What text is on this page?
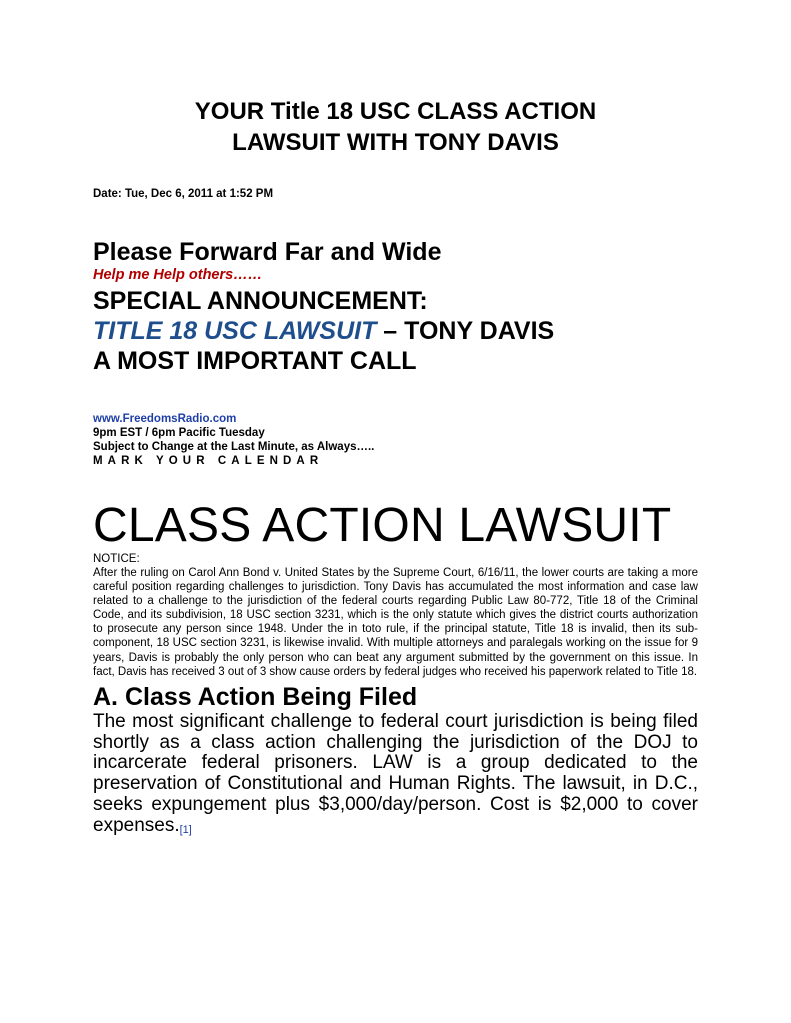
YOUR Title 18 USC CLASS ACTION
LAWSUIT WITH TONY DAVIS
Date: Tue, Dec 6, 2011 at 1:52 PM
Please Forward Far and Wide
Help me Help others……
SPECIAL ANNOUNCEMENT:
TITLE 18 USC LAWSUIT – TONY DAVIS
A MOST IMPORTANT CALL
www.FreedomsRadio.com
9pm EST / 6pm Pacific Tuesday
Subject to Change at the Last Minute, as Always…..
MARK YOUR CALENDAR
CLASS ACTION LAWSUIT
NOTICE:
After the ruling on Carol Ann Bond v. United States by the Supreme Court, 6/16/11, the lower courts are taking a more careful position regarding challenges to jurisdiction. Tony Davis has accumulated the most information and case law related to a challenge to the jurisdiction of the federal courts regarding Public Law 80-772, Title 18 of the Criminal Code, and its subdivision, 18 USC section 3231, which is the only statute which gives the district courts authorization to prosecute any person since 1948. Under the in toto rule, if the principal statute, Title 18 is invalid, then its sub-component, 18 USC section 3231, is likewise invalid. With multiple attorneys and paralegals working on the issue for 9 years, Davis is probably the only person who can beat any argument submitted by the government on this issue. In fact, Davis has received 3 out of 3 show cause orders by federal judges who received his paperwork related to Title 18.
A. Class Action Being Filed
The most significant challenge to federal court jurisdiction is being filed shortly as a class action challenging the jurisdiction of the DOJ to incarcerate federal prisoners. LAW is a group dedicated to the preservation of Constitutional and Human Rights. The lawsuit, in D.C., seeks expungement plus $3,000/day/person. Cost is $2,000 to cover expenses.[1]
